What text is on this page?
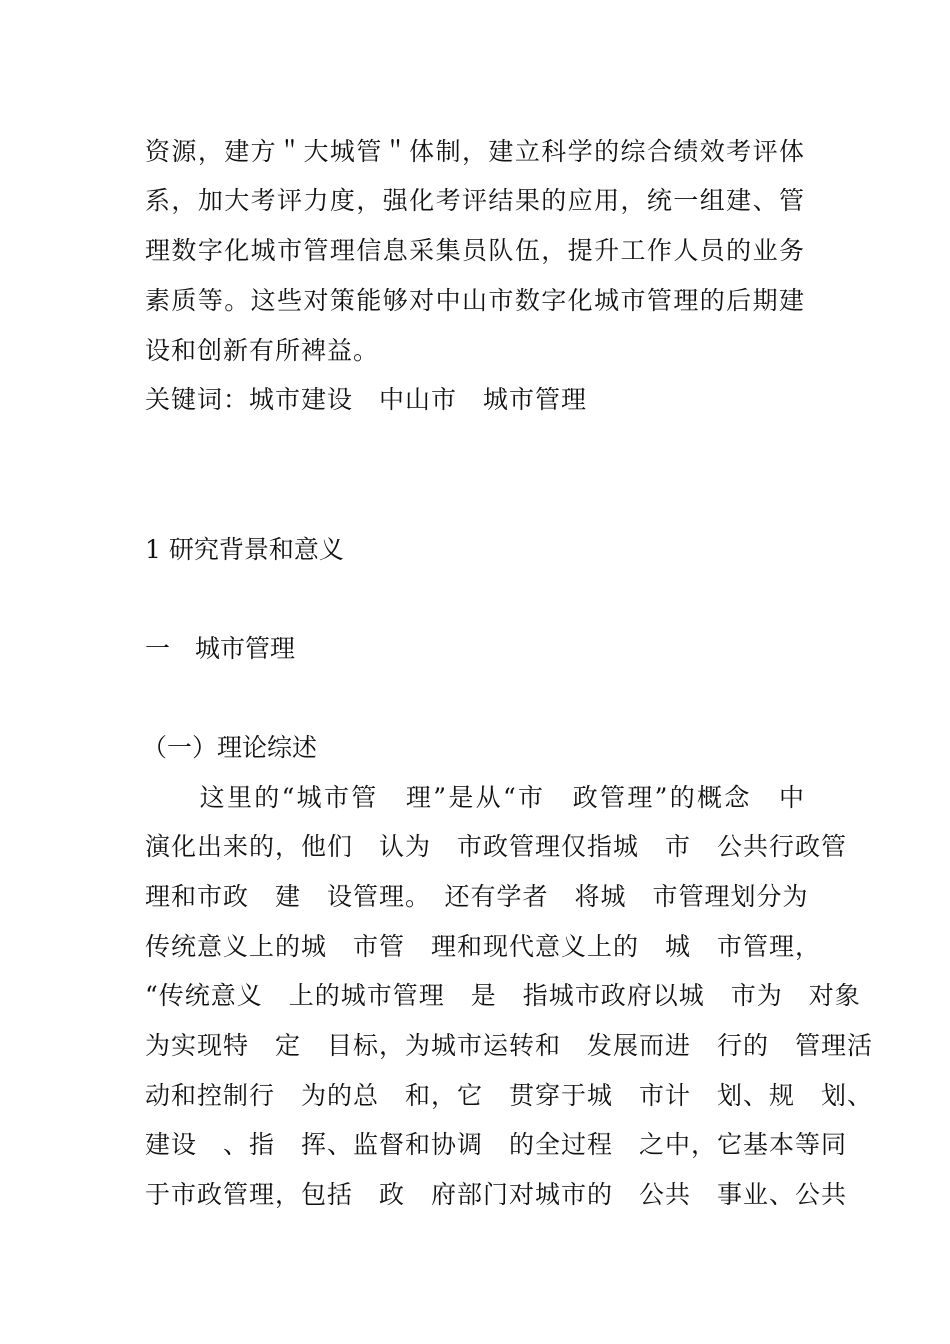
资源，建方＂大城管＂体制，建立科学的综合绩效考评体
系，加大考评力度，强化考评结果的应用，统一组建、管
理数字化城市管理信息采集员队伍，提升工作人员的业务
素质等。这些对策能够对中山市数字化城市管理的后期建
设和创新有所裨益。
关键词：城市建设　中山市　城市管理
1 研究背景和意义
一　城市管理
（一）理论综述
　　这里的“城市管　理”是从“市　政管理”的概念　中
演化出来的，他们　认为　市政管理仅指城　市　公共行政管
理和市政　建　设管理。　还有学者　将城　市管理划分为
传统意义上的城　市管　理和现代意义上的　城　市管理，
“传统意义　上的城市管理　是　指城市政府以城　市为　对象
为实现特　定　目标，为城市运转和　发展而进　行的　管理活
动和控制行　为的总　和，它　贯穿于城　市计　划、规　划、
建设　、指　挥、监督和协调　的全过程　之中，它基本等同
于市政管理，包括　政　府部门对城市的　公共　事业、公共
